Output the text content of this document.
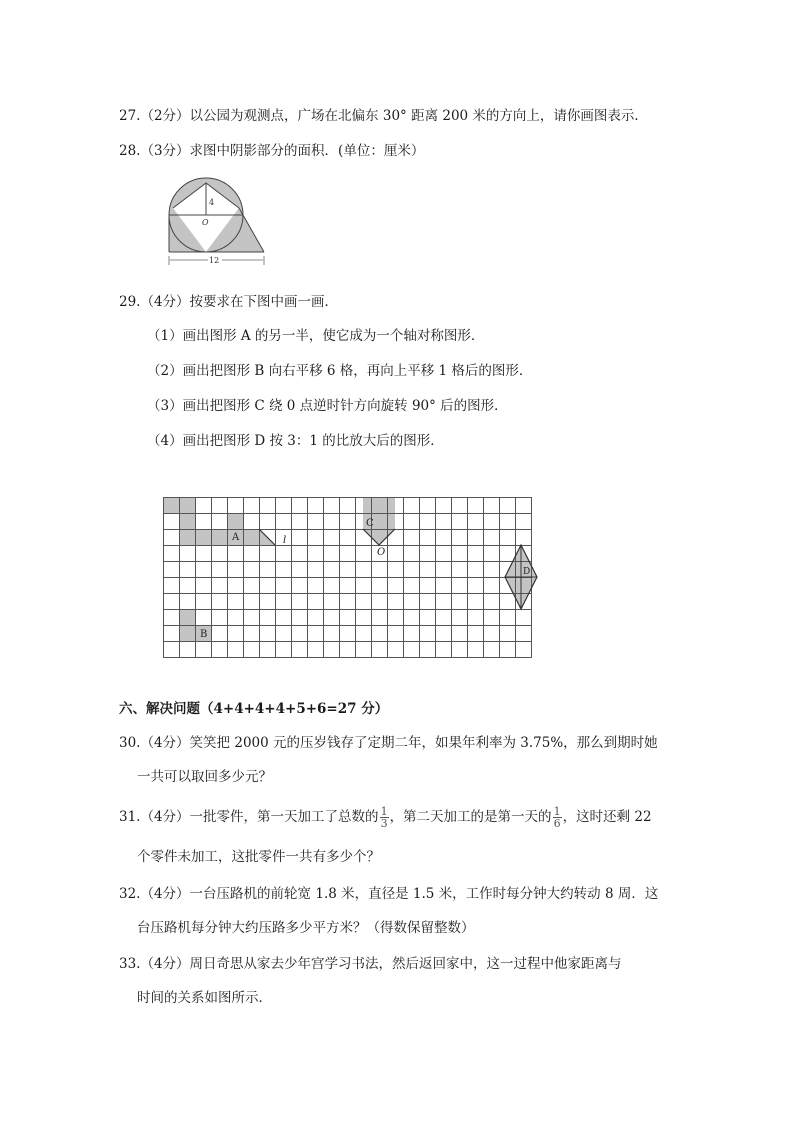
27.（2分）以公园为观测点，广场在北偏东 30° 距离 200 米的方向上，请你画图表示．
28.（3分）求图中阴影部分的面积．(单位：厘米）
4
O
12
29.（4分）按要求在下图中画一画．
（1）画出图形 A 的另一半，使它成为一个轴对称图形．
（2）画出把图形 B 向右平移 6 格，再向上平移 1 格后的图形．
（3）画出把图形 C 绕 0 点逆时针方向旋转 90° 后的图形．
（4）画出把图形 D 按 3：1 的比放大后的图形．
A	l
B
C
O
D
六、解决问题（4+4+4+4+5+6=27 分）
30.（4分）笑笑把 2000 元的压岁钱存了定期二年，如果年利率为 3.75%，那么到期时她
一共可以取回多少元？
31.（4分）一批零件，第一天加工了总数的 $\frac{1}{3}$ ，第二天加工的是第一天的 $\frac{1}{6}$ ，这时还剩 22
个零件未加工，这批零件一共有多少个？
32.（4分）一台压路机的前轮宽 1.8 米，直径是 1.5 米，工作时每分钟大约转动 8 周．这
台压路机每分钟大约压路多少平方米？（得数保留整数）
33.（4分）周日奇思从家去少年宫学习书法，然后返回家中，这一过程中他家距离与
时间的关系如图所示．
